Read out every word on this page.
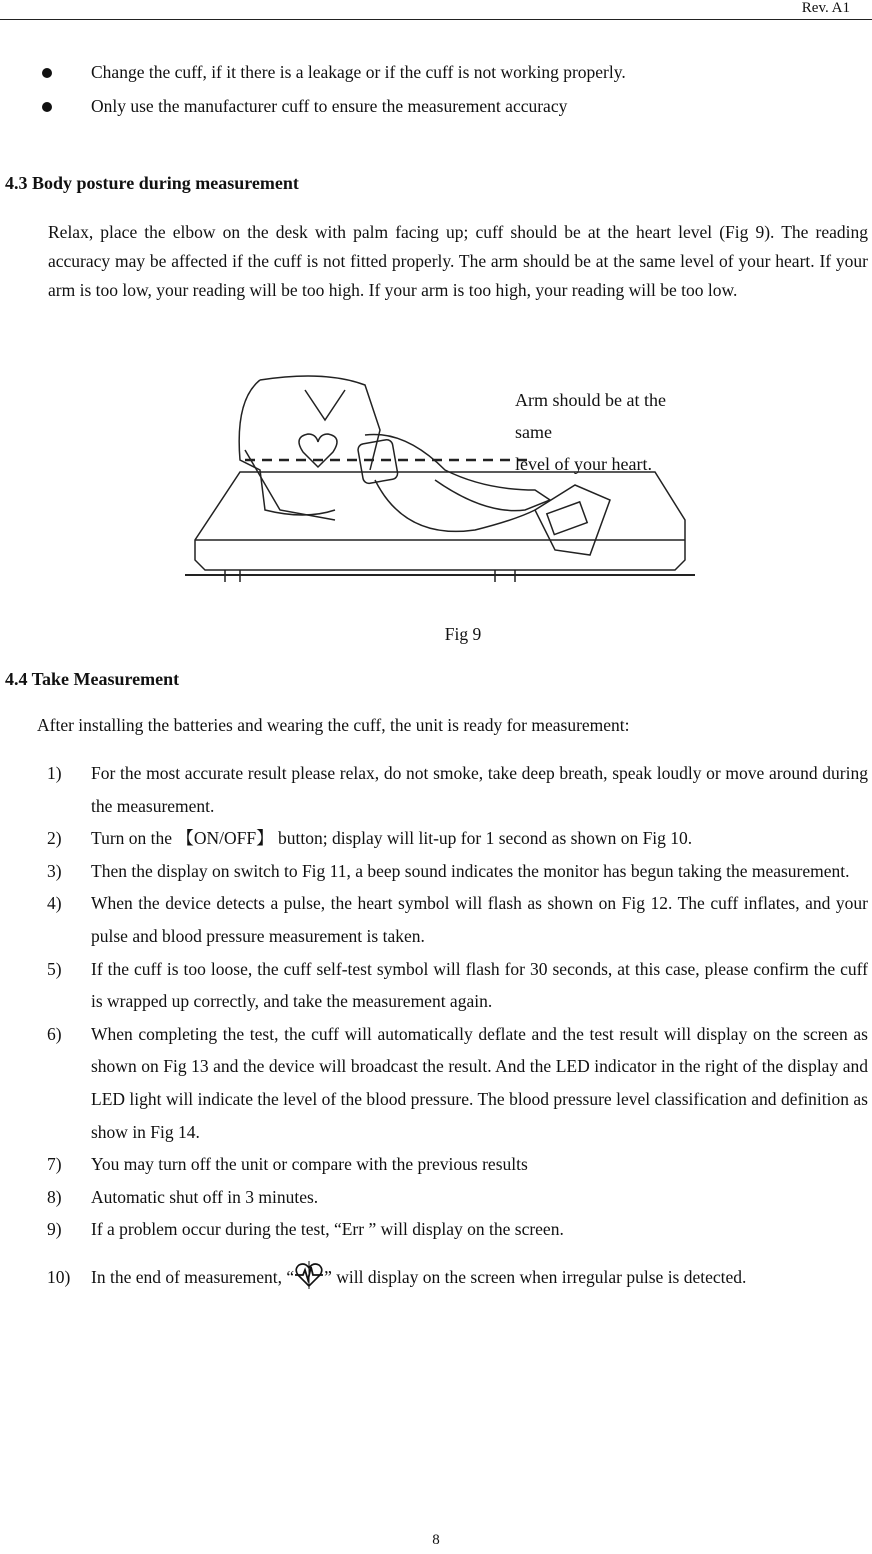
Rev. A1
Change the cuff, if it there is a leakage or if the cuff is not working properly.
Only use the manufacturer cuff to ensure the measurement accuracy
4.3 Body posture during measurement
Relax, place the elbow on the desk with palm facing up; cuff should be at the heart level (Fig 9). The reading accuracy may be affected if the cuff is not fitted properly. The arm should be at the same level of your heart. If your arm is too low, your reading will be too high. If your arm is too high, your reading will be too low.
Arm should be at the same
level of your heart.
Fig 9
4.4 Take Measurement
After installing the batteries and wearing the cuff, the unit is ready for measurement:
1)	For the most accurate result please relax, do not smoke, take deep breath, speak loudly or move around during the measurement.
2)	Turn on the 【ON/OFF】 button; display will lit-up for 1 second as shown on Fig 10.
3)	Then the display on switch to Fig 11, a beep sound indicates the monitor has begun taking the measurement.
4)	When the device detects a pulse, the heart symbol will flash as shown on Fig 12. The cuff inflates, and your pulse and blood pressure measurement is taken.
5)	If the cuff is too loose, the cuff self-test symbol will flash for 30 seconds, at this case, please confirm the cuff is wrapped up correctly, and take the measurement again.
6)	When completing the test, the cuff will automatically deflate and the test result will display on the screen as shown on Fig 13 and the device will broadcast the result. And the LED indicator in the right of the display and LED light will indicate the level of the blood pressure. The blood pressure level classification and definition as show in Fig 14.
7)	You may turn off the unit or compare with the previous results
8)	Automatic shut off in 3 minutes.
9)	If a problem occur during the test, “Err ” will display on the screen.
10)	In the end of measurement, “ ” will display on the screen when irregular pulse is detected.
8
